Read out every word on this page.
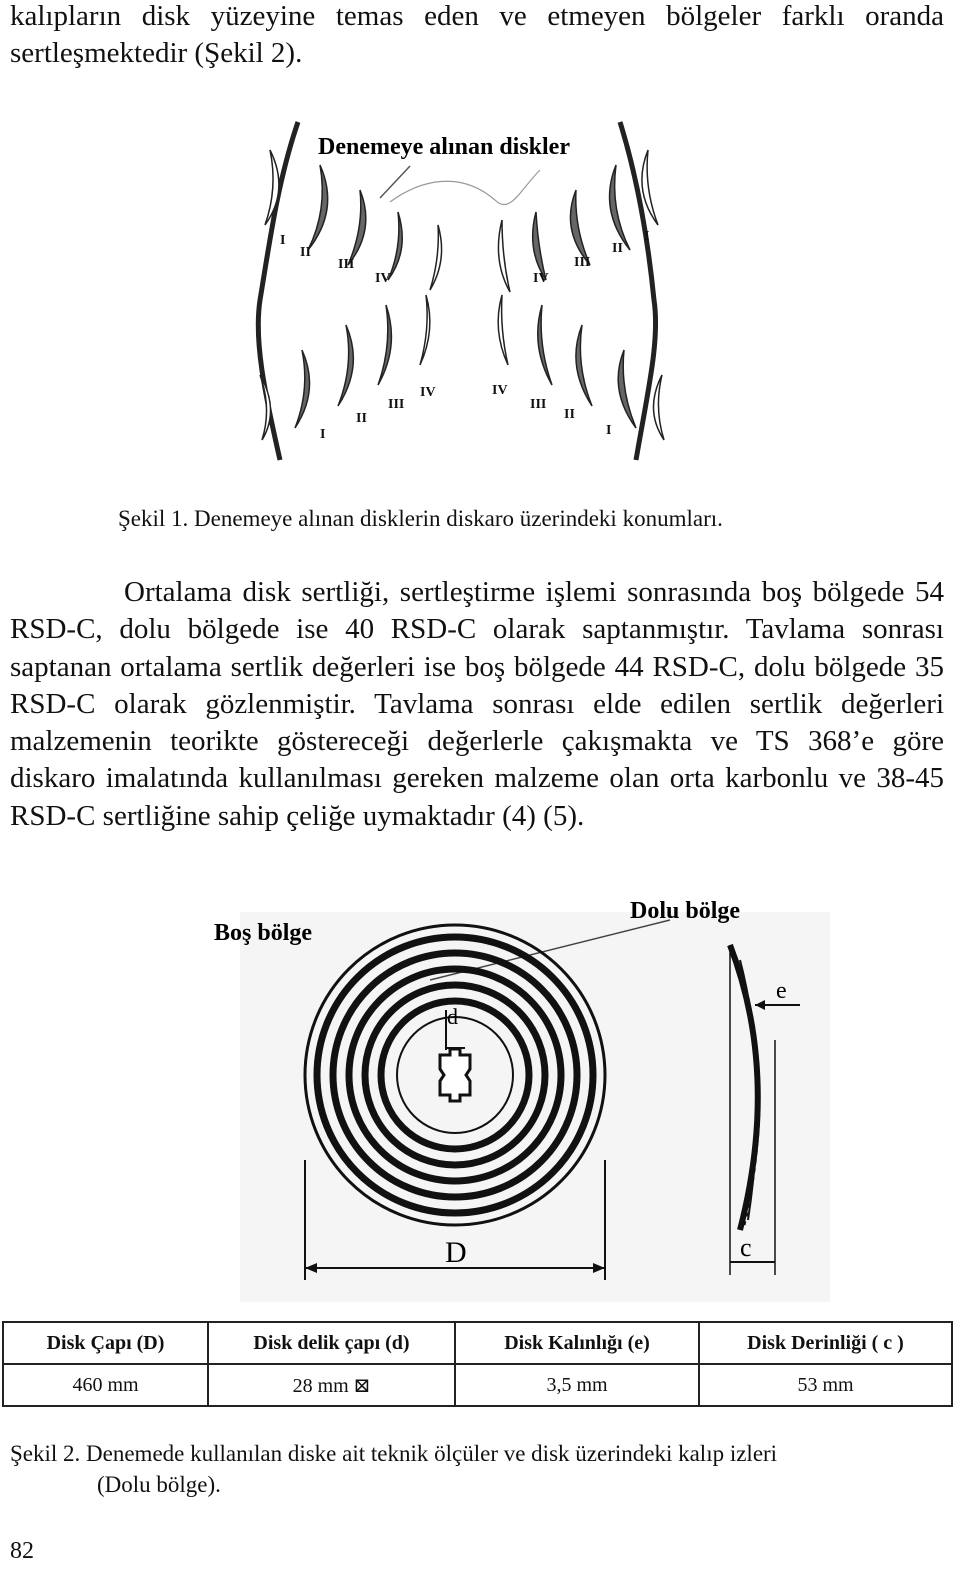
kalıpların disk yüzeyine temas eden ve etmeyen bölgeler farklı oranda sertleşmektedir (Şekil 2).
Denemeye alınan diskler
I
II
III
IV	IV
III
II
I
I
II
III
IV	IV
III
II
I
Şekil 1. Denemeye alınan disklerin diskaro üzerindeki konumları.
Ortalama disk sertliği, sertleştirme işlemi sonrasında boş bölgede 54 RSD-C, dolu bölgede ise 40 RSD-C olarak saptanmıştır. Tavlama sonrası saptanan ortalama sertlik değerleri ise boş bölgede 44 RSD-C, dolu bölgede 35 RSD-C olarak gözlenmiştir. Tavlama sonrası elde edilen sertlik değerleri malzemenin teorikte göstereceği değerlerle çakışmakta ve TS 368’e göre diskaro imalatında kullanılması gereken malzeme olan orta karbonlu ve 38-45 RSD-C sertliğine sahip çeliğe uymaktadır (4) (5).
Boş bölge
Dolu bölge
d
D
e
c
Disk Çapı (D)	Disk delik çapı (d)	Disk Kalınlığı (e)	Disk Derinliği ( c )
460 mm	28 mm ⊠	3,5 mm	53 mm
Şekil 2. Denemede kullanılan diske ait teknik ölçüler ve disk üzerindeki kalıp izleri
(Dolu bölge).
82
